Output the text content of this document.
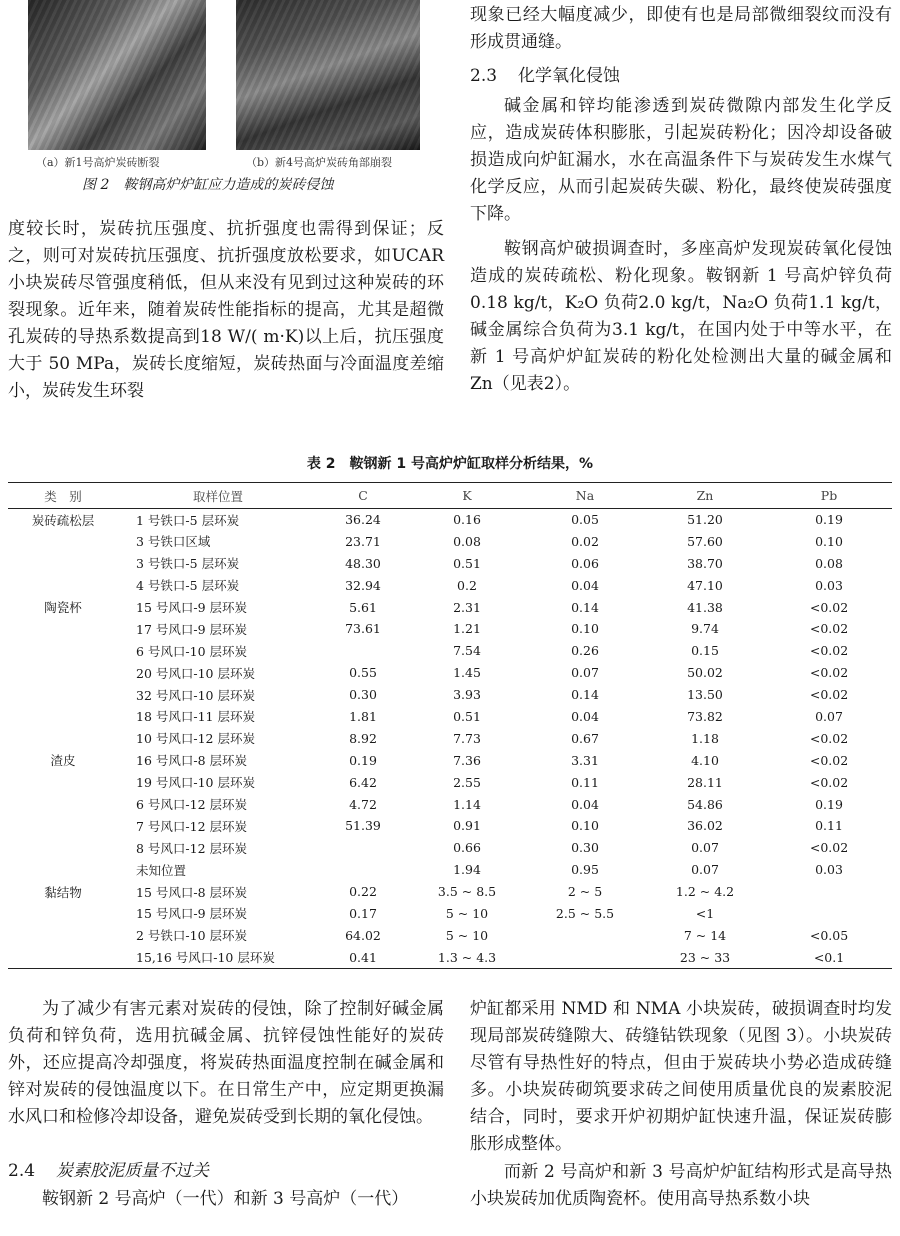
（a）新1号高炉炭砖断裂	（b）新4号高炉炭砖角部崩裂
图 2　鞍钢高炉炉缸应力造成的炭砖侵蚀

度较长时，炭砖抗压强度、抗折强度也需得到保证；反之，则可对炭砖抗压强度、抗折强度放松要求，如UCAR 小块炭砖尽管强度稍低，但从来没有见到过这种炭砖的环裂现象。近年来，随着炭砖性能指标的提高，尤其是超微孔炭砖的导热系数提高到18 W/( m·K)以上后，抗压强度大于 50 MPa，炭砖长度缩短，炭砖热面与冷面温度差缩小，炭砖发生环裂

现象已经大幅度减少，即使有也是局部微细裂纹而没有形成贯通缝。

2.3 化学氧化侵蚀

碱金属和锌均能渗透到炭砖微隙内部发生化学反应，造成炭砖体积膨胀，引起炭砖粉化；因冷却设备破损造成向炉缸漏水，水在高温条件下与炭砖发生水煤气化学反应，从而引起炭砖失碳、粉化，最终使炭砖强度下降。

鞍钢高炉破损调查时，多座高炉发现炭砖氧化侵蚀造成的炭砖疏松、粉化现象。鞍钢新 1 号高炉锌负荷0.18 kg/t，K₂O 负荷2.0 kg/t，Na₂O 负荷1.1 kg/t，碱金属综合负荷为3.1 kg/t，在国内处于中等水平，在新 1 号高炉炉缸炭砖的粉化处检测出大量的碱金属和 Zn（见表2）。

表 2　鞍钢新 1 号高炉炉缸取样分析结果，%
类　别	取样位置	C	K	Na	Zn	Pb
炭砖疏松层	1 号铁口-5 层环炭	36.24	0.16	0.05	51.20	0.19
	3 号铁口区域	23.71	0.08	0.02	57.60	0.10
	3 号铁口-5 层环炭	48.30	0.51	0.06	38.70	0.08
	4 号铁口-5 层环炭	32.94	0.2	0.04	47.10	0.03
陶瓷杯	15 号风口-9 层环炭	5.61	2.31	0.14	41.38	<0.02
	17 号风口-9 层环炭	73.61	1.21	0.10	9.74	<0.02
	6 号风口-10 层环炭		7.54	0.26	0.15	<0.02
	20 号风口-10 层环炭	0.55	1.45	0.07	50.02	<0.02
	32 号风口-10 层环炭	0.30	3.93	0.14	13.50	<0.02
	18 号风口-11 层环炭	1.81	0.51	0.04	73.82	0.07
	10 号风口-12 层环炭	8.92	7.73	0.67	1.18	<0.02
渣皮	16 号风口-8 层环炭	0.19	7.36	3.31	4.10	<0.02
	19 号风口-10 层环炭	6.42	2.55	0.11	28.11	<0.02
	6 号风口-12 层环炭	4.72	1.14	0.04	54.86	0.19
	7 号风口-12 层环炭	51.39	0.91	0.10	36.02	0.11
	8 号风口-12 层环炭		0.66	0.30	0.07	<0.02
	未知位置		1.94	0.95	0.07	0.03
黏结物	15 号风口-8 层环炭	0.22	3.5 ~ 8.5	2 ~ 5	1.2 ~ 4.2	
	15 号风口-9 层环炭	0.17	5 ~ 10	2.5 ~ 5.5	<1	
	2 号铁口-10 层环炭	64.02	5 ~ 10		7 ~ 14	<0.05
	15,16 号风口-10 层环炭	0.41	1.3 ~ 4.3		23 ~ 33	<0.1

为了减少有害元素对炭砖的侵蚀，除了控制好碱金属负荷和锌负荷，选用抗碱金属、抗锌侵蚀性能好的炭砖外，还应提高冷却强度，将炭砖热面温度控制在碱金属和锌对炭砖的侵蚀温度以下。在日常生产中，应定期更换漏水风口和检修冷却设备，避免炭砖受到长期的氧化侵蚀。

2.4 炭素胶泥质量不过关

鞍钢新 2 号高炉（一代）和新 3 号高炉（一代）

炉缸都采用 NMD 和 NMA 小块炭砖，破损调查时均发现局部炭砖缝隙大、砖缝钻铁现象（见图 3）。小块炭砖尽管有导热性好的特点，但由于炭砖块小势必造成砖缝多。小块炭砖砌筑要求砖之间使用质量优良的炭素胶泥结合，同时，要求开炉初期炉缸快速升温，保证炭砖膨胀形成整体。

而新 2 号高炉和新 3 号高炉炉缸结构形式是高导热小块炭砖加优质陶瓷杯。使用高导热系数小块
